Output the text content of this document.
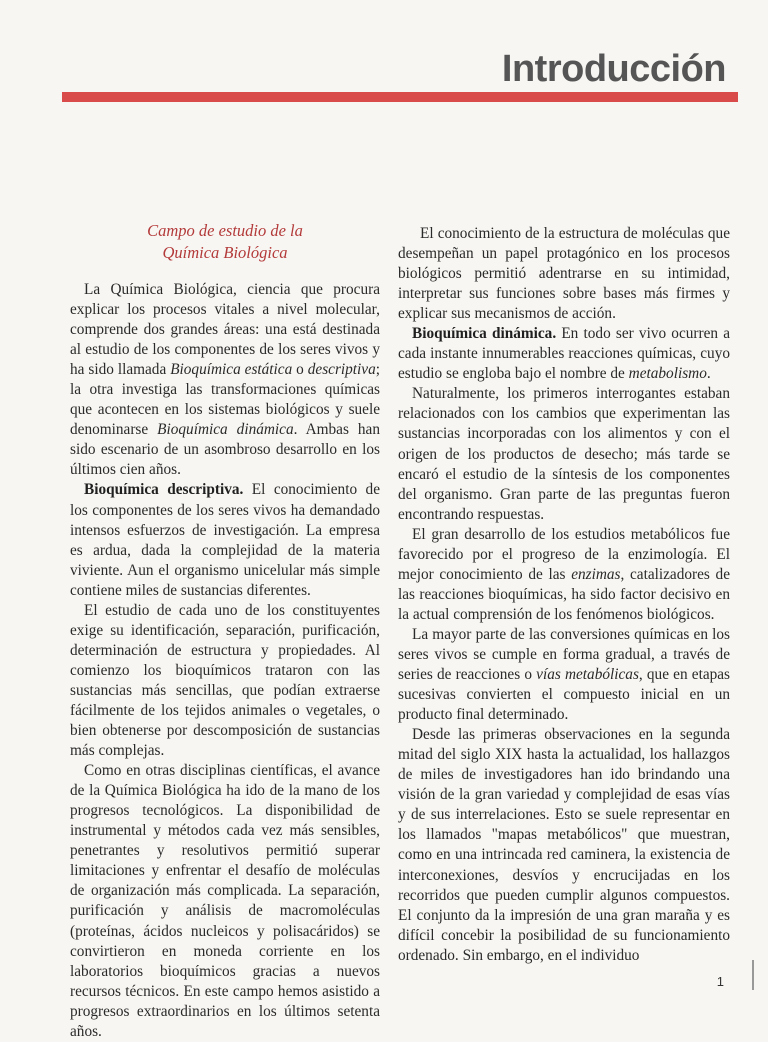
Introducción
Campo de estudio de la
Química Biológica

La Química Biológica, ciencia que procura explicar los procesos vitales a nivel molecular, comprende dos grandes áreas: una está destinada al estudio de los componentes de los seres vivos y ha sido llamada Bioquímica estática o descriptiva; la otra investiga las transformaciones químicas que acontecen en los sistemas biológicos y suele denominarse Bioquímica dinámica. Ambas han sido escenario de un asombroso desarrollo en los últimos cien años.

Bioquímica descriptiva. El conocimiento de los componentes de los seres vivos ha demandado intensos esfuerzos de investigación. La empresa es ardua, dada la complejidad de la materia viviente. Aun el organismo unicelular más simple contiene miles de sustancias diferentes.

El estudio de cada uno de los constituyentes exige su identificación, separación, purificación, determinación de estructura y propiedades. Al comienzo los bioquímicos trataron con las sustancias más sencillas, que podían extraerse fácilmente de los tejidos animales o vegetales, o bien obtenerse por descomposición de sustancias más complejas.

Como en otras disciplinas científicas, el avance de la Química Biológica ha ido de la mano de los progresos tecnológicos. La disponibilidad de instrumental y métodos cada vez más sensibles, penetrantes y resolutivos permitió superar limitaciones y enfrentar el desafío de moléculas de organización más complicada. La separación, purificación y análisis de macromoléculas (proteínas, ácidos nucleicos y polisacáridos) se convirtieron en moneda corriente en los laboratorios bioquímicos gracias a nuevos recursos técnicos. En este campo hemos asistido a progresos extraordinarios en los últimos setenta años.

El conocimiento de la estructura de moléculas que desempeñan un papel protagónico en los procesos biológicos permitió adentrarse en su intimidad, interpretar sus funciones sobre bases más firmes y explicar sus mecanismos de acción.

Bioquímica dinámica. En todo ser vivo ocurren a cada instante innumerables reacciones químicas, cuyo estudio se engloba bajo el nombre de metabolismo.

Naturalmente, los primeros interrogantes estaban relacionados con los cambios que experimentan las sustancias incorporadas con los alimentos y con el origen de los productos de desecho; más tarde se encaró el estudio de la síntesis de los componentes del organismo. Gran parte de las preguntas fueron encontrando respuestas.

El gran desarrollo de los estudios metabólicos fue favorecido por el progreso de la enzimología. El mejor conocimiento de las enzimas, catalizadores de las reacciones bioquímicas, ha sido factor decisivo en la actual comprensión de los fenómenos biológicos.

La mayor parte de las conversiones químicas en los seres vivos se cumple en forma gradual, a través de series de reacciones o vías metabólicas, que en etapas sucesivas convierten el compuesto inicial en un producto final determinado.

Desde las primeras observaciones en la segunda mitad del siglo XIX hasta la actualidad, los hallazgos de miles de investigadores han ido brindando una visión de la gran variedad y complejidad de esas vías y de sus interrelaciones. Esto se suele representar en los llamados "mapas metabólicos" que muestran, como en una intrincada red caminera, la existencia de interconexiones, desvíos y encrucijadas en los recorridos que pueden cumplir algunos compuestos. El conjunto da la impresión de una gran maraña y es difícil concebir la posibilidad de su funcionamiento ordenado. Sin embargo, en el individuo

1
